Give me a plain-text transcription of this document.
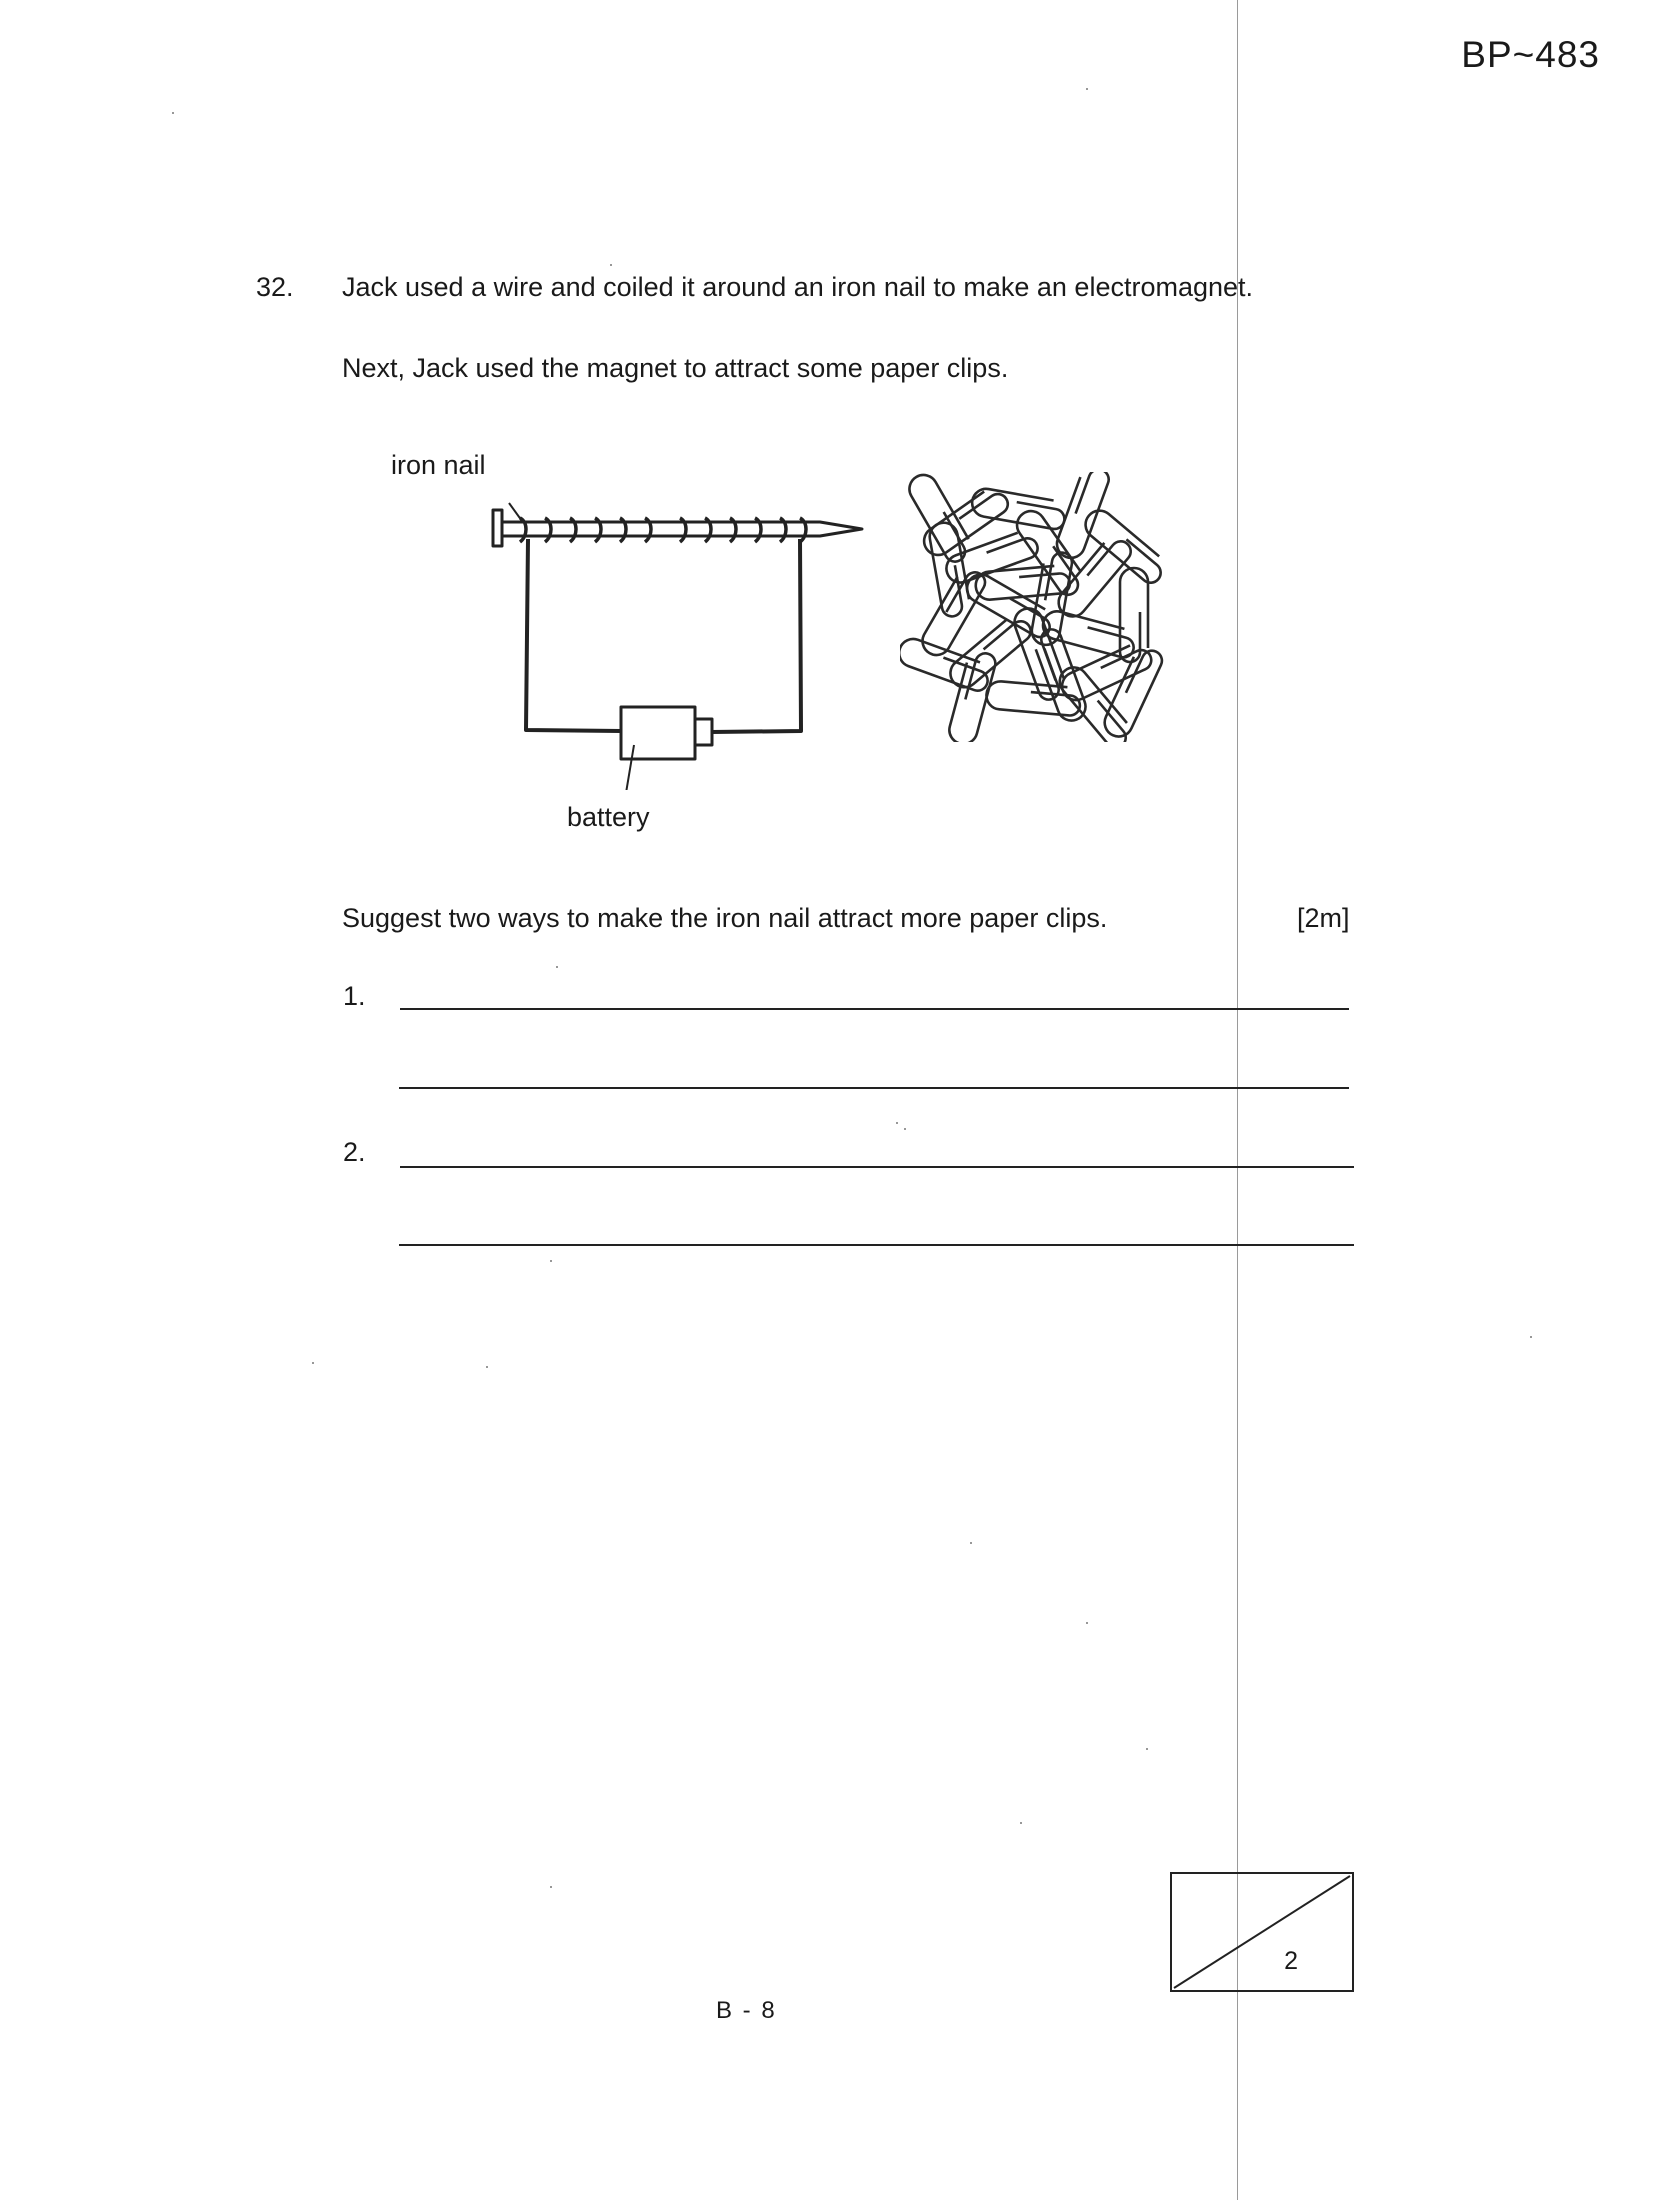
BP~483
32. Jack used a wire and coiled it around an iron nail to make an electromagnet.
Next, Jack used the magnet to attract some paper clips.
iron nail
battery
Suggest two ways to make the iron nail attract more paper clips.	[2m]
1.
2.
2
B - 8
